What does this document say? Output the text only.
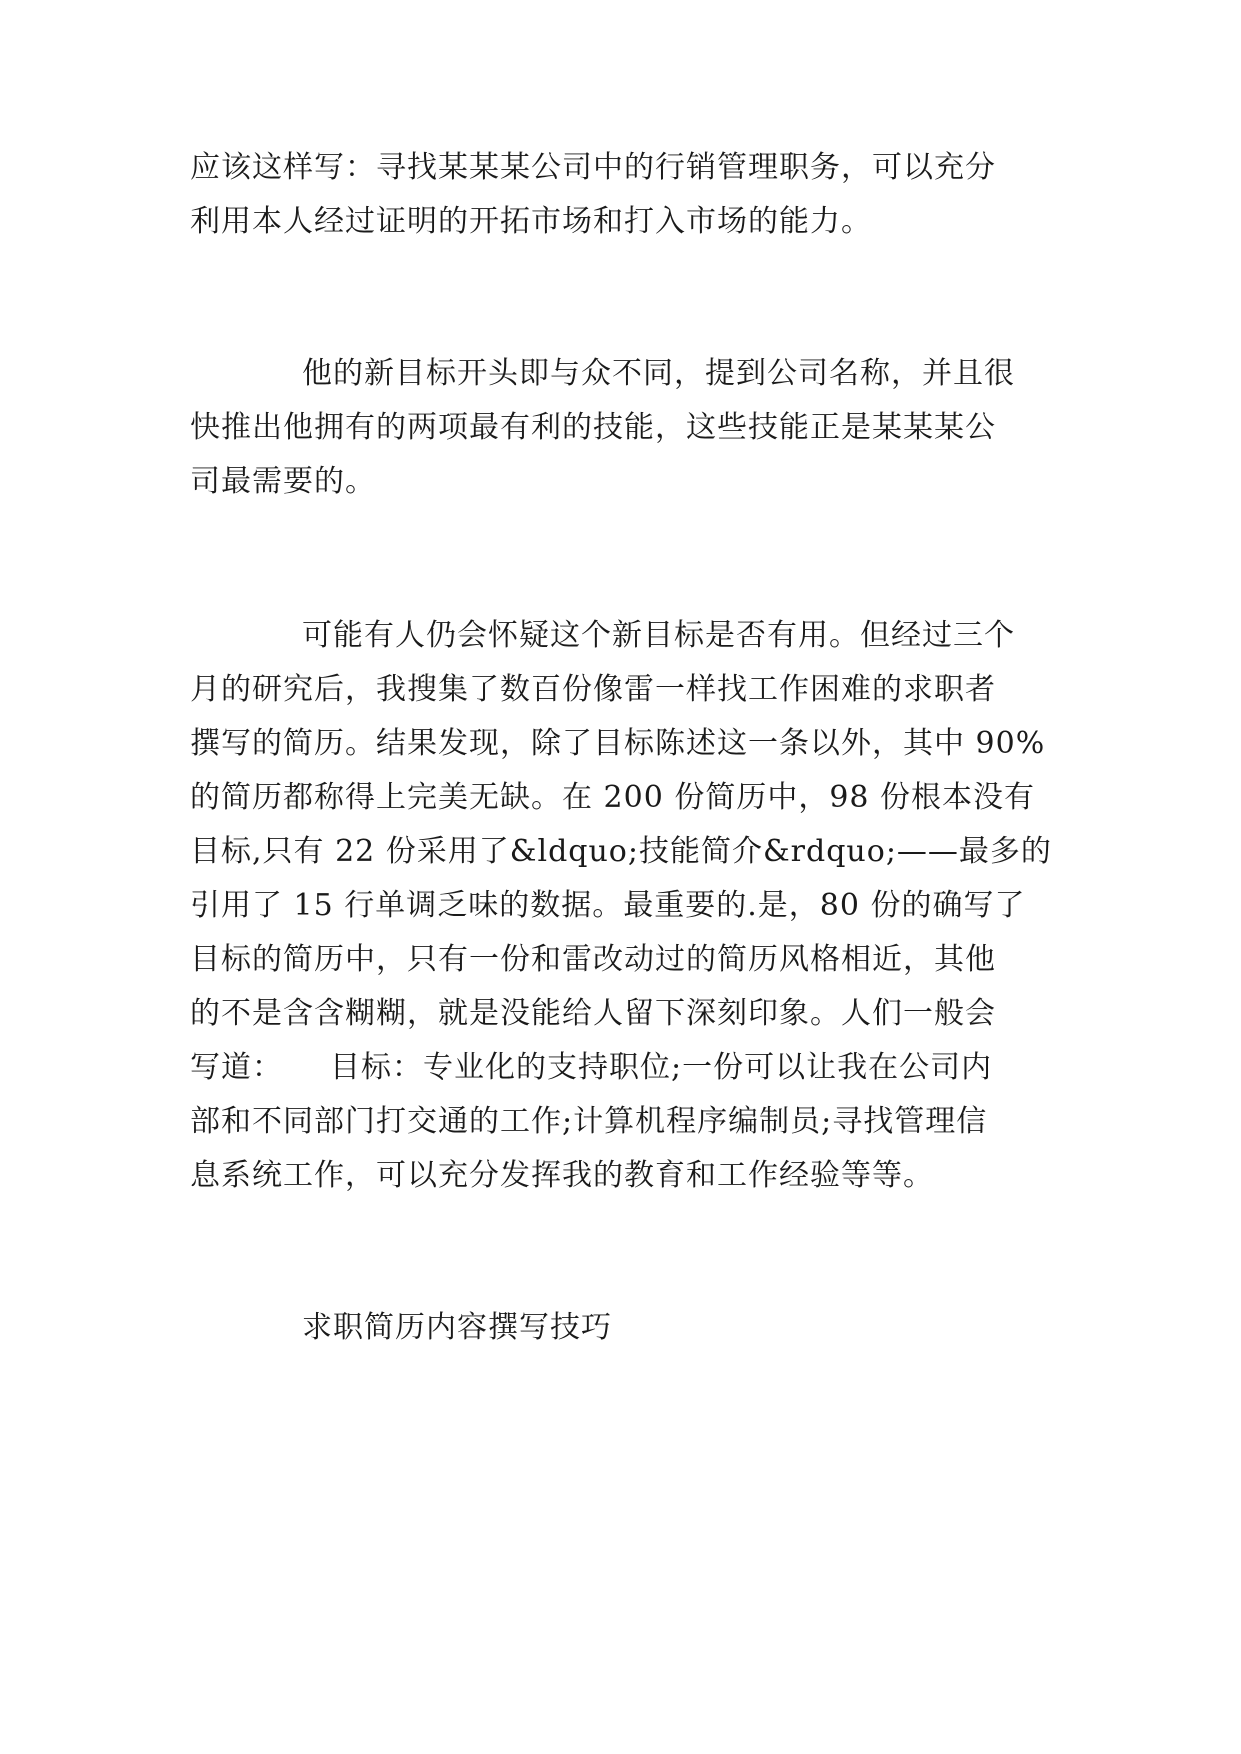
应该这样写：寻找某某某公司中的行销管理职务，可以充分
利用本人经过证明的开拓市场和打入市场的能力。
他的新目标开头即与众不同，提到公司名称，并且很
快推出他拥有的两项最有利的技能，这些技能正是某某某公
司最需要的。
可能有人仍会怀疑这个新目标是否有用。但经过三个
月的研究后，我搜集了数百份像雷一样找工作困难的求职者
撰写的简历。结果发现，除了目标陈述这一条以外，其中 90%
的简历都称得上完美无缺。在 200 份简历中，98 份根本没有
目标,只有 22 份采用了&ldquo;技能简介&rdquo;——最多的
引用了 15 行单调乏味的数据。最重要的.是，80 份的确写了
目标的简历中，只有一份和雷改动过的简历风格相近，其他
的不是含含糊糊，就是没能给人留下深刻印象。人们一般会
写道：　　目标：专业化的支持职位;一份可以让我在公司内
部和不同部门打交通的工作;计算机程序编制员;寻找管理信
息系统工作，可以充分发挥我的教育和工作经验等等。
求职简历内容撰写技巧
